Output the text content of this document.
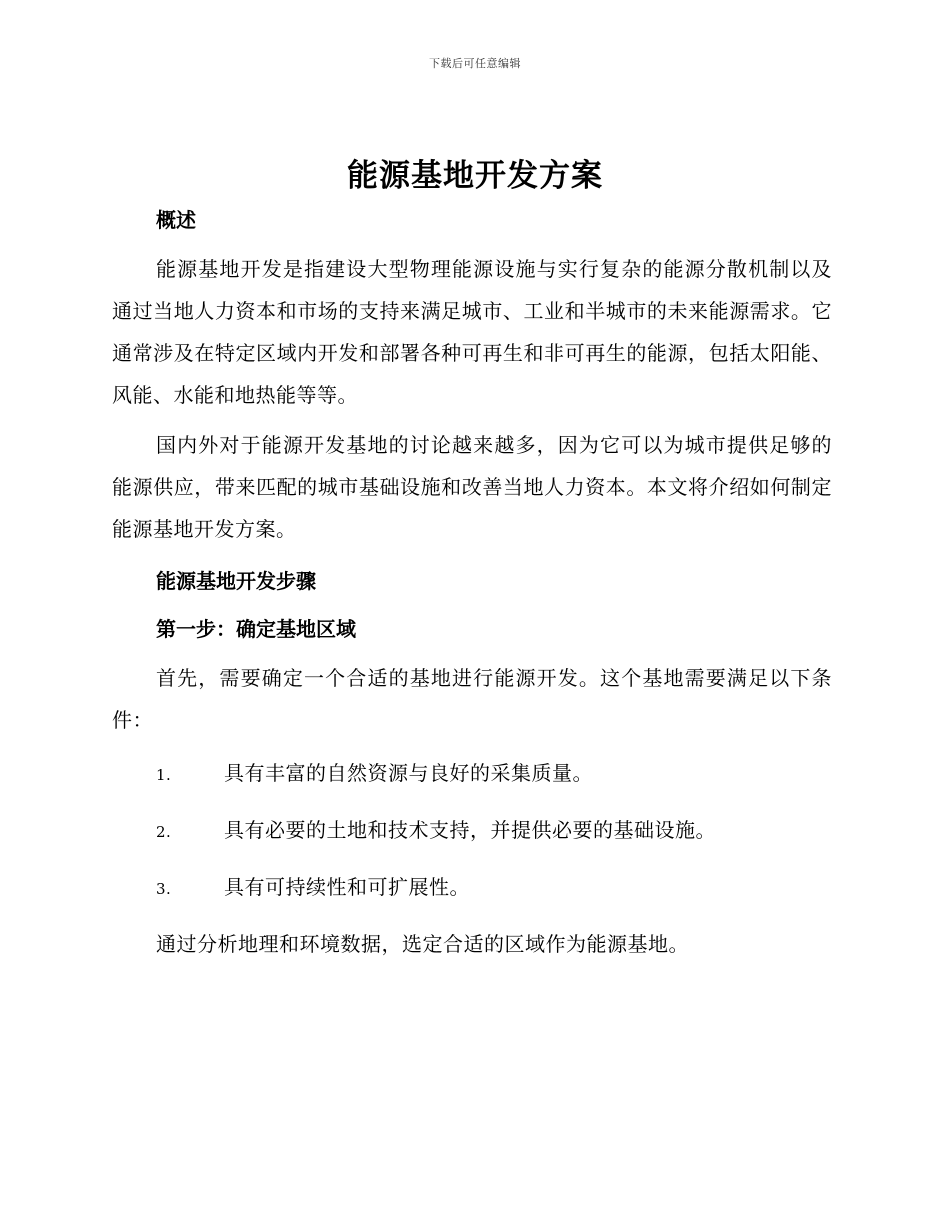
下载后可任意编辑
能源基地开发方案
概述

能源基地开发是指建设大型物理能源设施与实行复杂的能源分散机制以及通过当地人力资本和市场的支持来满足城市、工业和半城市的未来能源需求。它通常涉及在特定区域内开发和部署各种可再生和非可再生的能源，包括太阳能、风能、水能和地热能等等。

国内外对于能源开发基地的讨论越来越多，因为它可以为城市提供足够的能源供应，带来匹配的城市基础设施和改善当地人力资本。本文将介绍如何制定能源基地开发方案。

能源基地开发步骤
第一步：确定基地区域

首先，需要确定一个合适的基地进行能源开发。这个基地需要满足以下条件：

1.	具有丰富的自然资源与良好的采集质量。
2.	具有必要的土地和技术支持，并提供必要的基础设施。
3.	具有可持续性和可扩展性。

通过分析地理和环境数据，选定合适的区域作为能源基地。
